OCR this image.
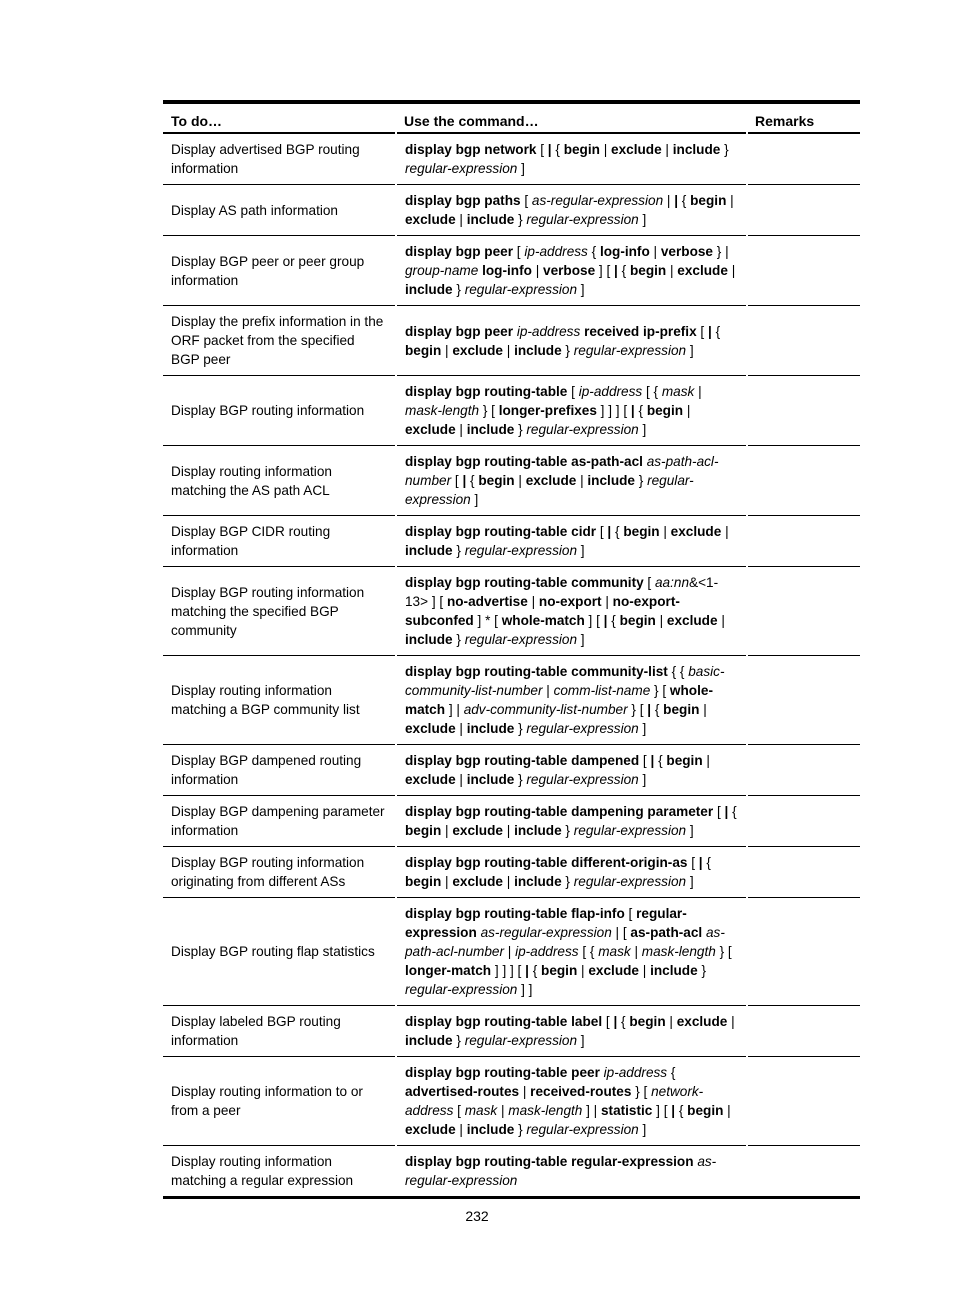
To do…	Use the command…	Remarks
Display advertised BGP routing information	display bgp network [ | { begin | exclude | include } regular-expression ]	
Display AS path information	display bgp paths [ as-regular-expression | | { begin | exclude | include } regular-expression ]	
Display BGP peer or peer group information	display bgp peer [ ip-address { log-info | verbose } | group-name log-info | verbose ] [ | { begin | exclude | include } regular-expression ]	
Display the prefix information in the ORF packet from the specified BGP peer	display bgp peer ip-address received ip-prefix [ | { begin | exclude | include } regular-expression ]	
Display BGP routing information	display bgp routing-table [ ip-address [ { mask | mask-length } [ longer-prefixes ] ] ] [ | { begin | exclude | include } regular-expression ]	
Display routing information matching the AS path ACL	display bgp routing-table as-path-acl as-path-acl-number [ | { begin | exclude | include } regular-expression ]	
Display BGP CIDR routing information	display bgp routing-table cidr [ | { begin | exclude | include } regular-expression ]	
Display BGP routing information matching the specified BGP community	display bgp routing-table community [ aa:nn&<1-13> ] [ no-advertise | no-export | no-export-subconfed ] * [ whole-match ] [ | { begin | exclude | include } regular-expression ]	
Display routing information matching a BGP community list	display bgp routing-table community-list { { basic-community-list-number | comm-list-name } [ whole-match ] | adv-community-list-number } [ | { begin | exclude | include } regular-expression ]	
Display BGP dampened routing information	display bgp routing-table dampened [ | { begin | exclude | include } regular-expression ]	
Display BGP dampening parameter information	display bgp routing-table dampening parameter [ | { begin | exclude | include } regular-expression ]	
Display BGP routing information originating from different ASs	display bgp routing-table different-origin-as [ | { begin | exclude | include } regular-expression ]	
Display BGP routing flap statistics	display bgp routing-table flap-info [ regular-expression as-regular-expression | [ as-path-acl as-path-acl-number | ip-address [ { mask | mask-length } [ longer-match ] ] ] [ | { begin | exclude | include } regular-expression ] ]	
Display labeled BGP routing information	display bgp routing-table label [ | { begin | exclude | include } regular-expression ]	
Display routing information to or from a peer	display bgp routing-table peer ip-address { advertised-routes | received-routes } [ network-address [ mask | mask-length ] | statistic ] [ | { begin | exclude | include } regular-expression ]	
Display routing information matching a regular expression	display bgp routing-table regular-expression as-regular-expression	
232
